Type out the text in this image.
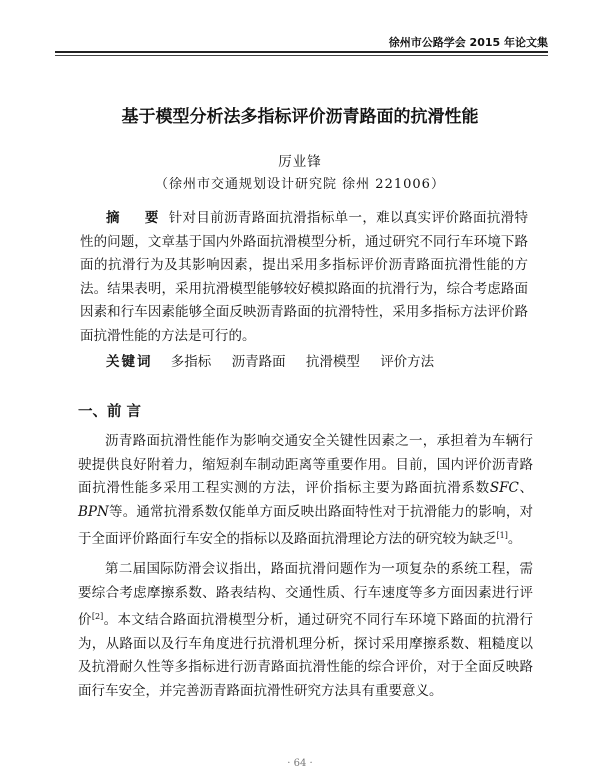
徐州市公路学会 2015 年论文集
基于模型分析法多指标评价沥青路面的抗滑性能
厉业锋
（徐州市交通规划设计研究院 徐州 221006）
摘 要针对目前沥青路面抗滑指标单一，难以真实评价路面抗滑特性的问题，文章基于国内外路面抗滑模型分析，通过研究不同行车环境下路面的抗滑行为及其影响因素，提出采用多指标评价沥青路面抗滑性能的方法。结果表明，采用抗滑模型能够较好模拟路面的抗滑行为，综合考虑路面因素和行车因素能够全面反映沥青路面的抗滑特性，采用多指标方法评价路面抗滑性能的方法是可行的。
关键词 多指标 沥青路面 抗滑模型 评价方法
一、前 言

沥青路面抗滑性能作为影响交通安全关键性因素之一，承担着为车辆行驶提供良好附着力，缩短刹车制动距离等重要作用。目前，国内评价沥青路面抗滑性能多采用工程实测的方法，评价指标主要为路面抗滑系数SFC、BPN等。通常抗滑系数仅能单方面反映出路面特性对于抗滑能力的影响，对于全面评价路面行车安全的指标以及路面抗滑理论方法的研究较为缺乏[1]。

第二届国际防滑会议指出，路面抗滑问题作为一项复杂的系统工程，需要综合考虑摩擦系数、路表结构、交通性质、行车速度等多方面因素进行评价[2]。本文结合路面抗滑模型分析，通过研究不同行车环境下路面的抗滑行为，从路面以及行车角度进行抗滑机理分析，探讨采用摩擦系数、粗糙度以及抗滑耐久性等多指标进行沥青路面抗滑性能的综合评价，对于全面反映路面行车安全，并完善沥青路面抗滑性研究方法具有重要意义。

· 64 ·
